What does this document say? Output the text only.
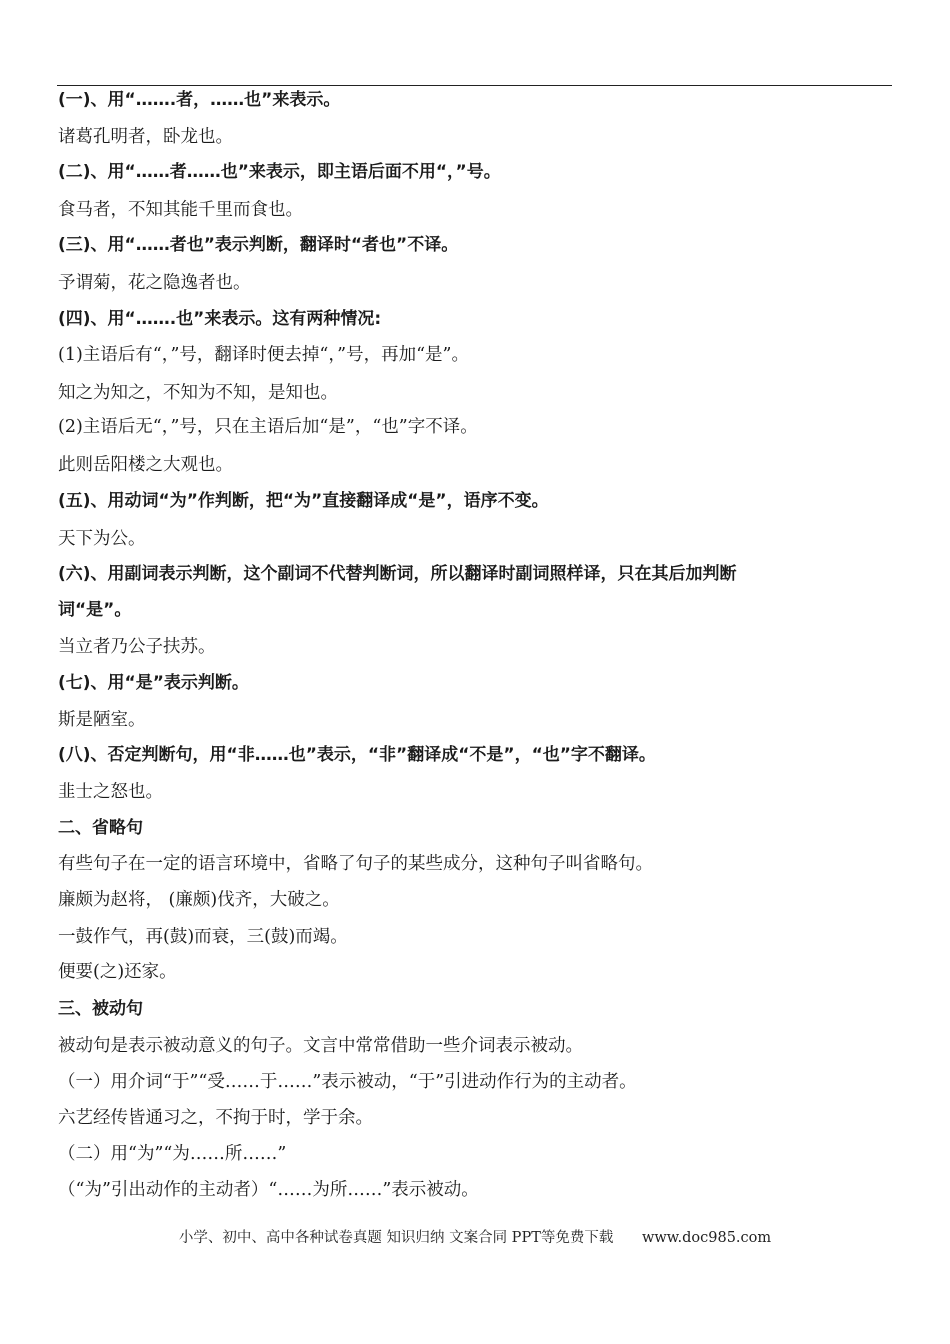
(一)、用“…….者，……也”来表示。
诸葛孔明者，卧龙也。
(二)、用“……者……也”来表示，即主语后面不用“，”号。
食马者，不知其能千里而食也。
(三)、用“……者也”表示判断，翻译时“者也”不译。
予谓菊，花之隐逸者也。
(四)、用“…….也”来表示。这有两种情况:
(1)主语后有“，”号，翻译时便去掉“，”号，再加“是”。
知之为知之，不知为不知，是知也。
(2)主语后无“，”号，只在主语后加“是”，“也”字不译。
此则岳阳楼之大观也。
(五)、用动词“为”作判断，把“为”直接翻译成“是”，语序不变。
天下为公。
(六)、用副词表示判断，这个副词不代替判断词，所以翻译时副词照样译，只在其后加判断
词“是”。
当立者乃公子扶苏。
(七)、用“是”表示判断。
斯是陋室。
(八)、否定判断句，用“非……也”表示，“非”翻译成“不是”，“也”字不翻译。
韭士之怒也。
二、省略句
有些句子在一定的语言环境中，省略了句子的某些成分，这种句子叫省略句。
廉颇为赵将， (廉颇)伐齐，大破之。
一鼓作气，再(鼓)而衰，三(鼓)而竭。
便要(之)还家。
三、被动句
被动句是表示被动意义的句子。文言中常常借助一些介词表示被动。
（一）用介词“于”“受……于……”表示被动，“于”引进动作行为的主动者。
六艺经传皆通习之，不拘于时，学于余。
（二）用“为”“为……所……”
（“为”引出动作的主动者）“……为所……”表示被动。
小学、初中、高中各种试卷真题 知识归纳 文案合同 PPT等免费下载 www.doc985.com
